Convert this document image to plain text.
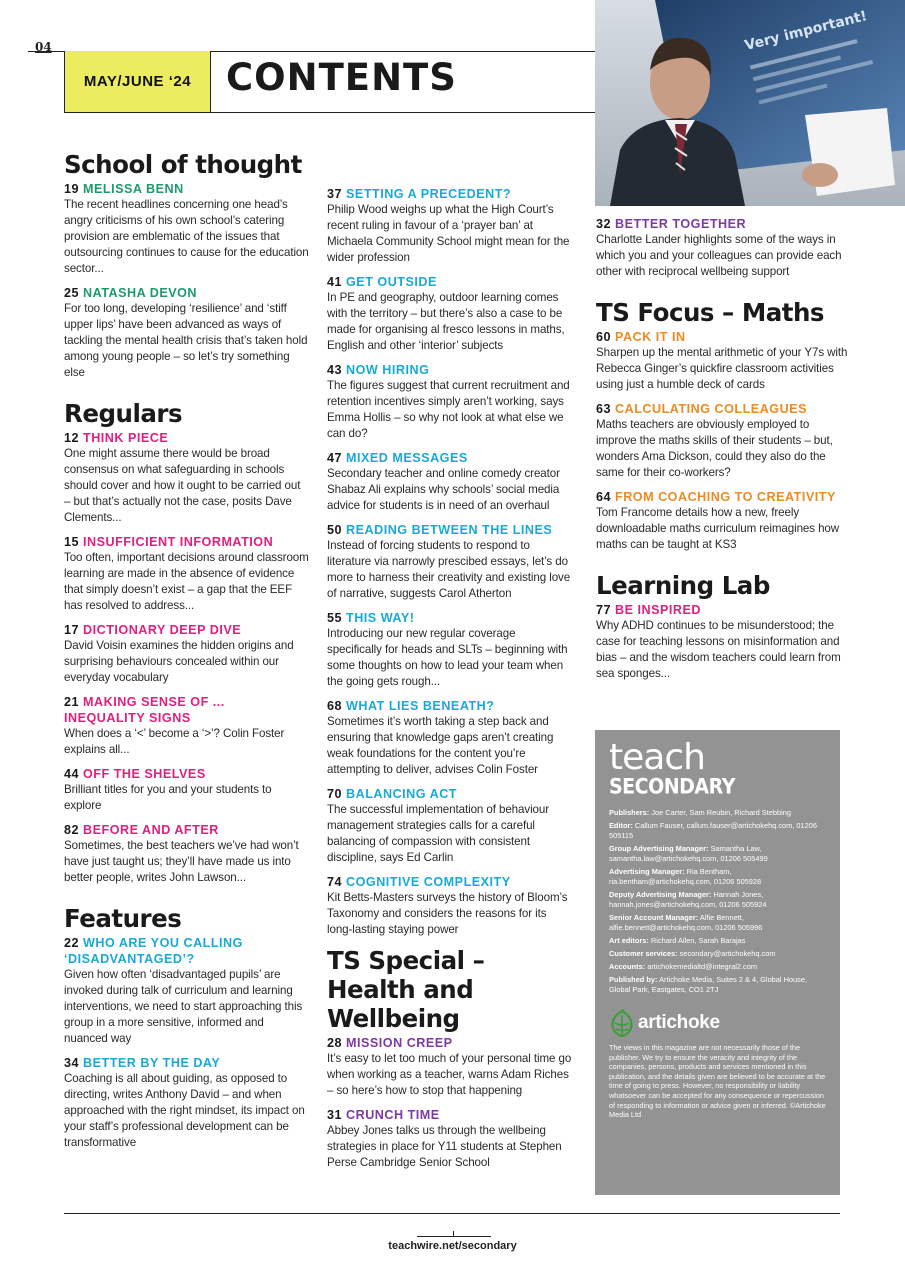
04
MAY/JUNE ‘24 CONTENTS
Very important!
School of thought
19 MELISSA BENN
The recent headlines concerning one head’s angry criticisms of his own school’s catering provision are emblematic of the issues that outsourcing continues to cause for the education sector...
25 NATASHA DEVON
For too long, developing ‘resilience’ and ‘stiff upper lips’ have been advanced as ways of tackling the mental health crisis that’s taken hold among young people – so let’s try something else
Regulars
12 THINK PIECE
One might assume there would be broad consensus on what safeguarding in schools should cover and how it ought to be carried out – but that’s actually not the case, posits Dave Clements...
15 INSUFFICIENT INFORMATION
Too often, important decisions around classroom learning are made in the absence of evidence that simply doesn’t exist – a gap that the EEF has resolved to address...
17 DICTIONARY DEEP DIVE
David Voisin examines the hidden origins and surprising behaviours concealed within our everyday vocabulary
21 MAKING SENSE OF ... INEQUALITY SIGNS
When does a ‘<’ become a ‘>’? Colin Foster explains all...
44 OFF THE SHELVES
Brilliant titles for you and your students to explore
82 BEFORE AND AFTER
Sometimes, the best teachers we’ve had won’t have just taught us; they’ll have made us into better people, writes John Lawson...
Features
22 WHO ARE YOU CALLING ‘DISADVANTAGED’?
Given how often ‘disadvantaged pupils’ are invoked during talk of curriculum and learning interventions, we need to start approaching this group in a more sensitive, informed and nuanced way
34 BETTER BY THE DAY
Coaching is all about guiding, as opposed to directing, writes Anthony David – and when approached with the right mindset, its impact on your staff’s professional development can be transformative
37 SETTING A PRECEDENT?
Philip Wood weighs up what the High Court’s recent ruling in favour of a ‘prayer ban’ at Michaela Community School might mean for the wider profession
41 GET OUTSIDE
In PE and geography, outdoor learning comes with the territory – but there’s also a case to be made for organising al fresco lessons in maths, English and other ‘interior’ subjects
43 NOW HIRING
The figures suggest that current recruitment and retention incentives simply aren’t working, says Emma Hollis – so why not look at what else we can do?
47 MIXED MESSAGES
Secondary teacher and online comedy creator Shabaz Ali explains why schools’ social media advice for students is in need of an overhaul
50 READING BETWEEN THE LINES
Instead of forcing students to respond to literature via narrowly prescibed essays, let’s do more to harness their creativity and existing love of narrative, suggests Carol Atherton
55 THIS WAY!
Introducing our new regular coverage specifically for heads and SLTs – beginning with some thoughts on how to lead your team when the going gets rough...
68 WHAT LIES BENEATH?
Sometimes it’s worth taking a step back and ensuring that knowledge gaps aren’t creating weak foundations for the content you’re attempting to deliver, advises Colin Foster
70 BALANCING ACT
The successful implementation of behaviour management strategies calls for a careful balancing of compassion with consistent discipline, says Ed Carlin
74 COGNITIVE COMPLEXITY
Kit Betts-Masters surveys the history of Bloom’s Taxonomy and considers the reasons for its long-lasting staying power
TS Special – Health and Wellbeing
28 MISSION CREEP
It’s easy to let too much of your personal time go when working as a teacher, warns Adam Riches – so here’s how to stop that happening
31 CRUNCH TIME
Abbey Jones talks us through the wellbeing strategies in place for Y11 students at Stephen Perse Cambridge Senior School
32 BETTER TOGETHER
Charlotte Lander highlights some of the ways in which you and your colleagues can provide each other with reciprocal wellbeing support
TS Focus – Maths
60 PACK IT IN
Sharpen up the mental arithmetic of your Y7s with Rebecca Ginger’s quickfire classroom activities using just a humble deck of cards
63 CALCULATING COLLEAGUES
Maths teachers are obviously employed to improve the maths skills of their students – but, wonders Ama Dickson, could they also do the same for their co-workers?
64 FROM COACHING TO CREATIVITY
Tom Francome details how a new, freely downloadable maths curriculum reimagines how maths can be taught at KS3
Learning Lab
77 BE INSPIRED
Why ADHD continues to be misunderstood; the case for teaching lessons on misinformation and bias – and the wisdom teachers could learn from sea sponges...
teach
SECONDARY
Publishers: Joe Carter, Sam Reubin, Richard Stebbing
Editor: Callum Fauser, callum.fauser@artichokehq.com, 01206 505115
Group Advertising Manager: Samantha Law, samantha.law@artichokehq.com, 01206 505499
Advertising Manager: Ria Bentham, ria.bentham@artichokehq.com, 01206 505928
Deputy Advertising Manager: Hannah Jones, hannah.jones@artichokehq.com, 01206 505924
Senior Account Manager: Alfie Bennett, alfie.bennett@artichokehq.com, 01206 505996
Art editors: Richard Allen, Sarah Barajas
Customer services: secondary@artichokehq.com
Accounts: artichokemedialtd@integral2.com
Published by: Artichoke Media, Suites 2 & 4, Global House, Global Park, Eastgates, CO1 2TJ
artichoke
The views in this magazine are not necessarily those of the publisher. We try to ensure the veracity and integrity of the companies, persons, products and services mentioned in this publication, and the details given are believed to be accurate at the time of going to press. However, no responsibility or liability whatsoever can be accepted for any consequence or repercussion of responding to information or advice given or inferred. ©Artichoke Media Ltd
teachwire.net/secondary
